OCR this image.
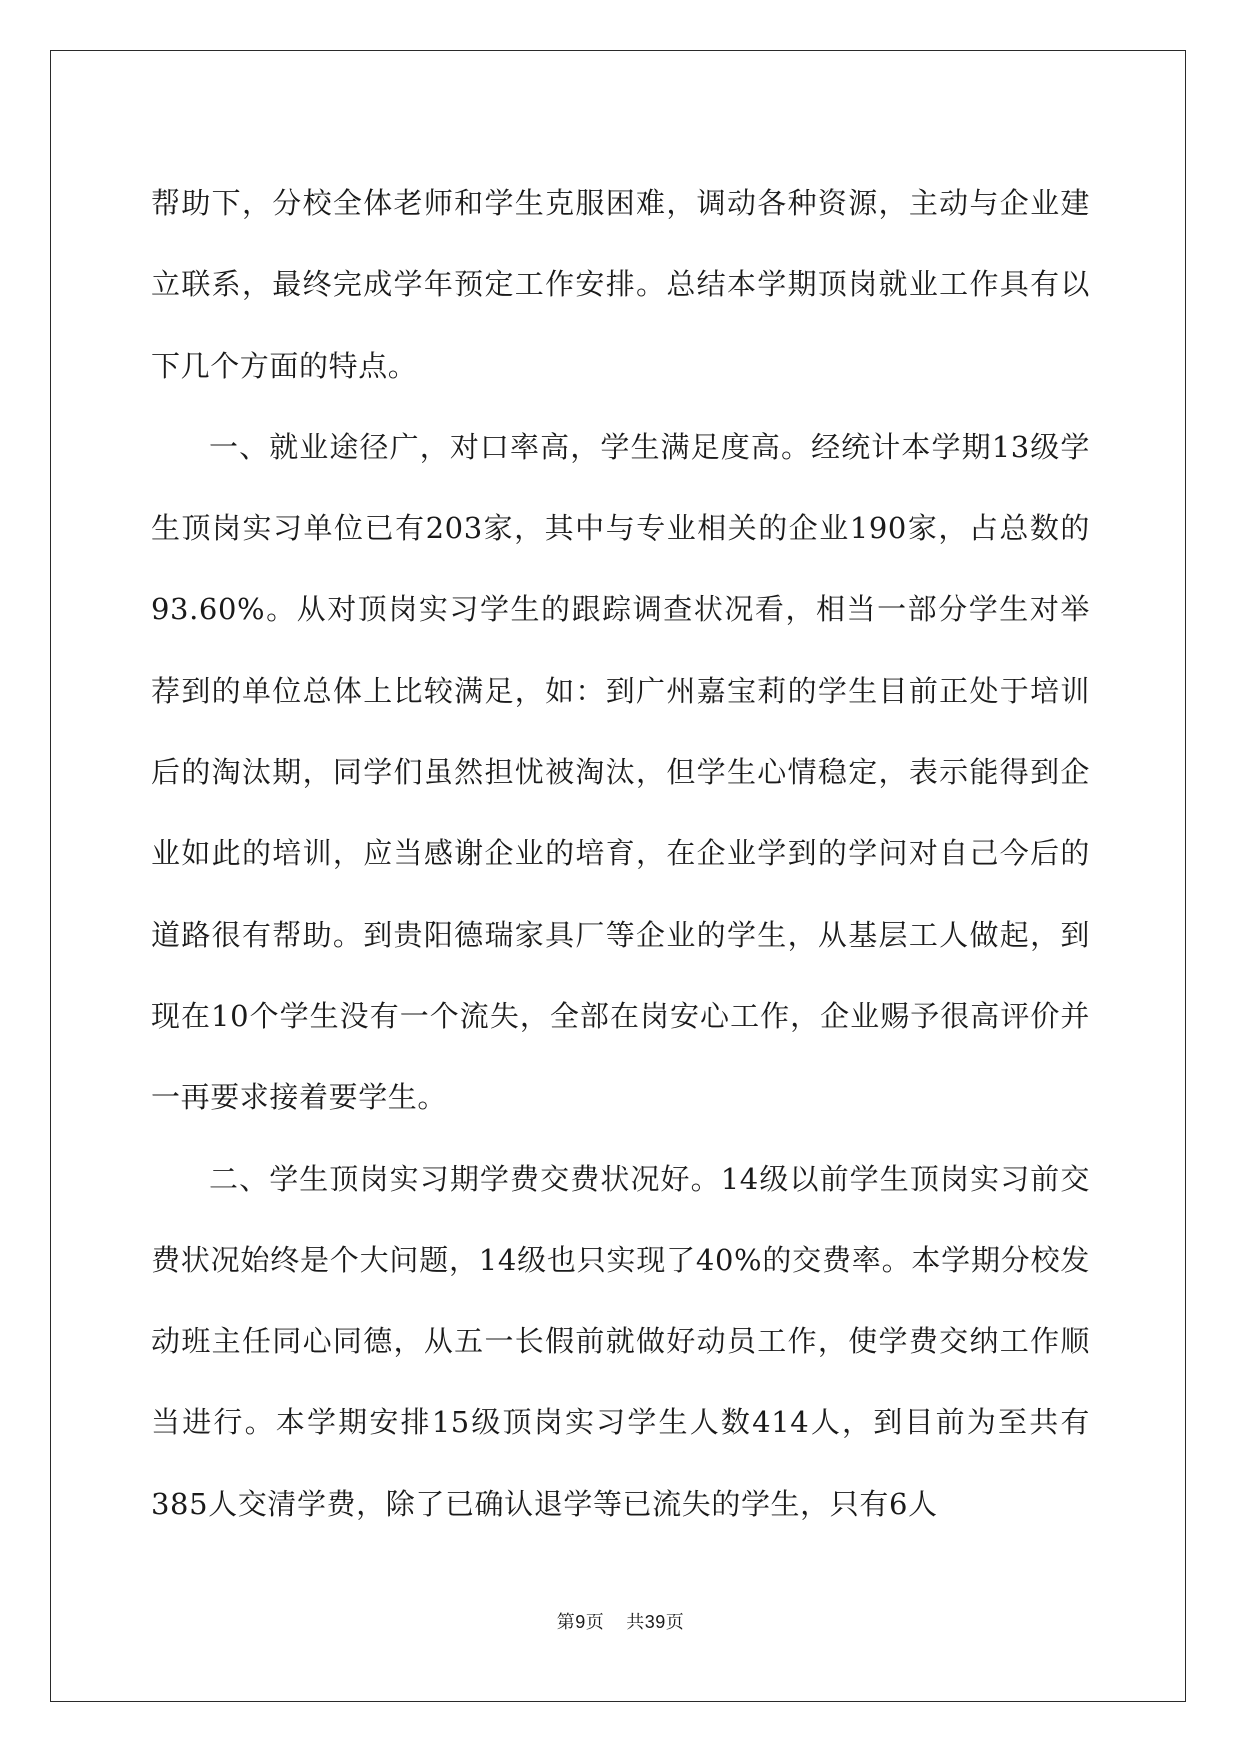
帮助下，分校全体老师和学生克服困难，调动各种资源，主动与企业建立联系，最终完成学年预定工作安排。总结本学期顶岗就业工作具有以下几个方面的特点。

一、就业途径广，对口率高，学生满足度高。经统计本学期13级学生顶岗实习单位已有203家，其中与专业相关的企业190家，占总数的93.60%。从对顶岗实习学生的跟踪调查状况看，相当一部分学生对举荐到的单位总体上比较满足，如：到广州嘉宝莉的学生目前正处于培训后的淘汰期，同学们虽然担忧被淘汰，但学生心情稳定，表示能得到企业如此的培训，应当感谢企业的培育，在企业学到的学问对自己今后的道路很有帮助。到贵阳德瑞家具厂等企业的学生，从基层工人做起，到现在10个学生没有一个流失，全部在岗安心工作，企业赐予很高评价并一再要求接着要学生。

二、学生顶岗实习期学费交费状况好。14级以前学生顶岗实习前交费状况始终是个大问题，14级也只实现了40%的交费率。本学期分校发动班主任同心同德，从五一长假前就做好动员工作，使学费交纳工作顺当进行。本学期安排15级顶岗实习学生人数414人，到目前为至共有385人交清学费，除了已确认退学等已流失的学生，只有6人

第9页 共39页
